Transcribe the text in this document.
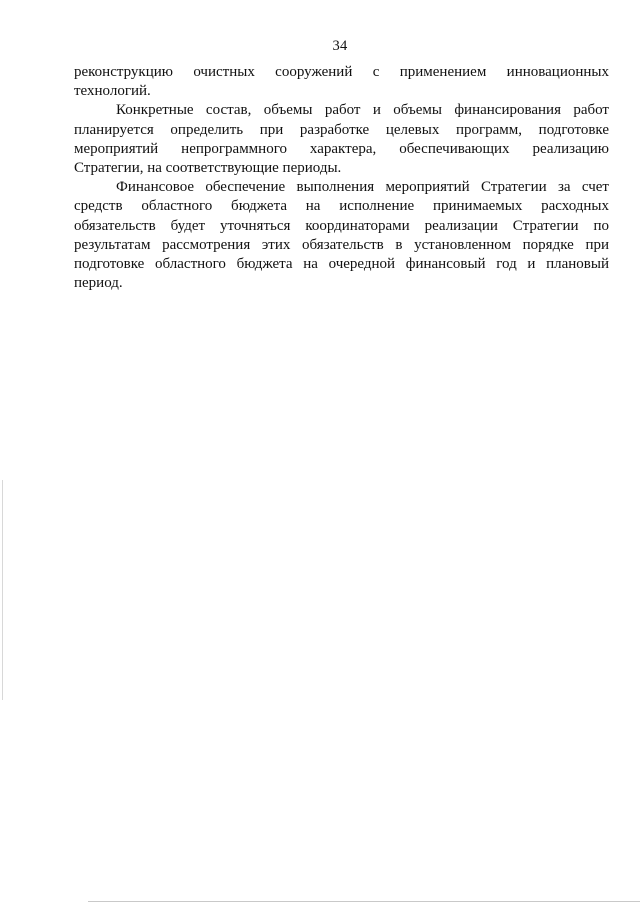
34

реконструкцию очистных сооружений с применением инновационных
технологий.

Конкретные состав, объемы работ и объемы финансирования работ
планируется определить при разработке целевых программ, подготовке
мероприятий непрограммного характера, обеспечивающих реализацию
Стратегии, на соответствующие периоды.

Финансовое обеспечение выполнения мероприятий Стратегии за счет
средств областного бюджета на исполнение принимаемых расходных
обязательств будет уточняться координаторами реализации Стратегии по
результатам рассмотрения этих обязательств в установленном порядке при
подготовке областного бюджета на очередной финансовый год и плановый
период.
